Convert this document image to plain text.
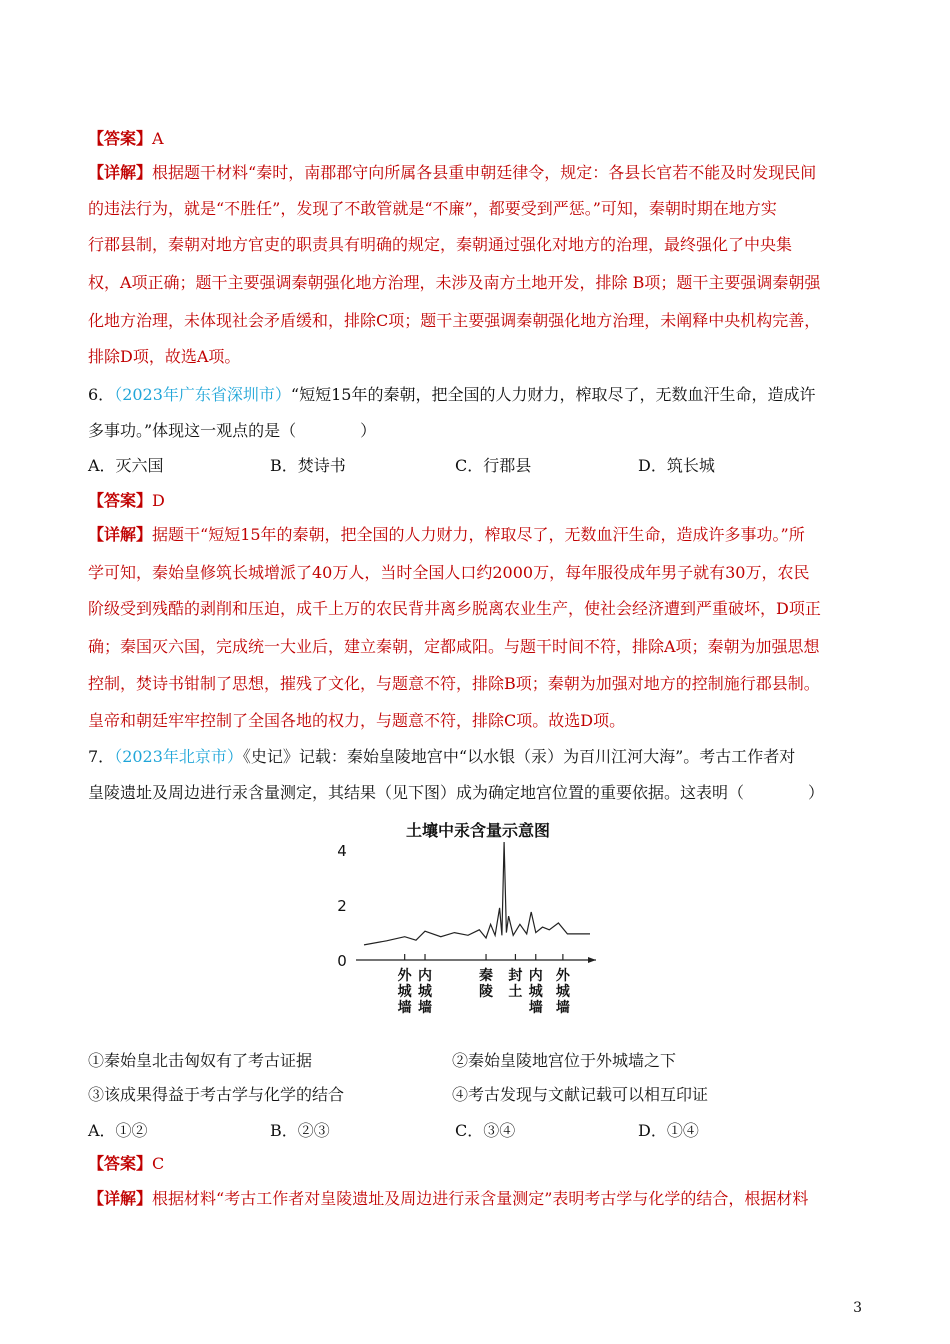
【答案】A
【详解】根据题干材料“秦时，南郡郡守向所属各县重申朝廷律令，规定：各县长官若不能及时发现民间
的违法行为，就是“不胜任”，发现了不敢管就是“不廉”，都要受到严惩。”可知，秦朝时期在地方实
行郡县制，秦朝对地方官吏的职责具有明确的规定，秦朝通过强化对地方的治理，最终强化了中央集
权，A项正确；题干主要强调秦朝强化地方治理，未涉及南方土地开发，排除 B项；题干主要强调秦朝强
化地方治理，未体现社会矛盾缓和，排除C项；题干主要强调秦朝强化地方治理，未阐释中央机构完善，
排除D项，故选A项。
6．（2023年广东省深圳市）“短短15年的秦朝，把全国的人力财力，榨取尽了，无数血汗生命，造成许
多事功。”体现这一观点的是（　　　　）
A．灭六国	B．焚诗书	C．行郡县	D．筑长城
【答案】D
【详解】据题干“短短15年的秦朝，把全国的人力财力，榨取尽了，无数血汗生命，造成许多事功。”所
学可知，秦始皇修筑长城增派了40万人，当时全国人口约2000万，每年服役成年男子就有30万，农民
阶级受到残酷的剥削和压迫，成千上万的农民背井离乡脱离农业生产，使社会经济遭到严重破坏，D项正
确；秦国灭六国，完成统一大业后，建立秦朝，定都咸阳。与题干时间不符，排除A项；秦朝为加强思想
控制，焚诗书钳制了思想，摧残了文化，与题意不符，排除B项；秦朝为加强对地方的控制施行郡县制。
皇帝和朝廷牢牢控制了全国各地的权力，与题意不符，排除C项。故选D项。
7．（2023年北京市）《史记》记载：秦始皇陵地宫中“以水银（汞）为百川江河大海”。考古工作者对
皇陵遗址及周边进行汞含量测定，其结果（见下图）成为确定地宫位置的重要依据。这表明（　　　　）
土壤中汞含量示意图
0
2
4
外
城
墙
内
城
墙
秦
陵
封
土
内
城
墙
外
城
墙
①秦始皇北击匈奴有了考古证据	②秦始皇陵地宫位于外城墙之下
③该成果得益于考古学与化学的结合	④考古发现与文献记载可以相互印证
A．①②	B．②③	C．③④	D．①④
【答案】C
【详解】根据材料“考古工作者对皇陵遗址及周边进行汞含量测定”表明考古学与化学的结合，根据材料
3
